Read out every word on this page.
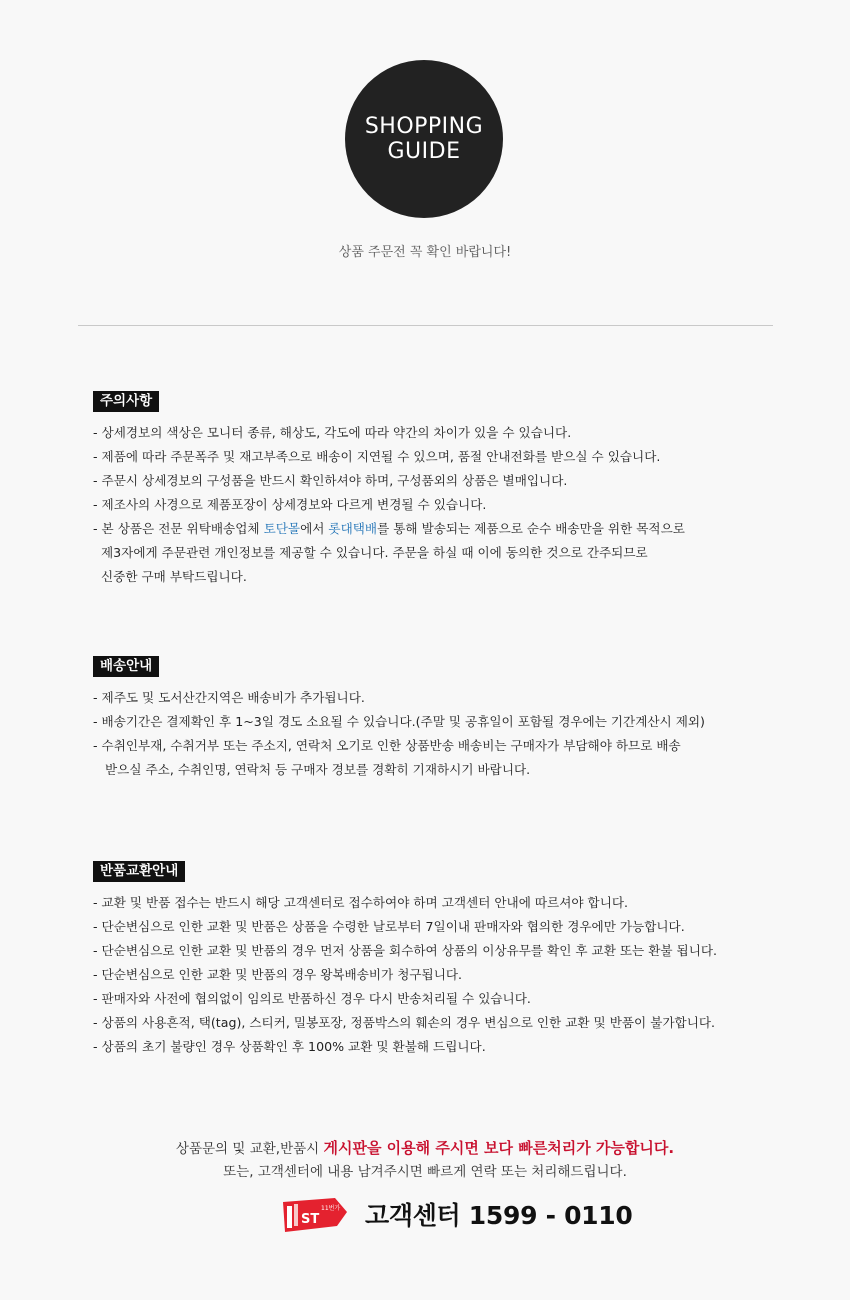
SHOPPING
GUIDE
상품 주문전 꼭 확인 바랍니다!
주의사항
- 상세경보의 색상은 모니터 종류, 해상도, 각도에 따라 약간의 차이가 있을 수 있습니다.
- 제품에 따라 주문폭주 및 재고부족으로 배송이 지연될 수 있으며, 품절 안내전화를 받으실 수 있습니다.
- 주문시 상세경보의 구성품을 반드시 확인하셔야 하며, 구성품외의 상품은 별매입니다.
- 제조사의 사경으로 제품포장이 상세경보와 다르게 변경될 수 있습니다.
- 본 상품은 전문 위탁배송업체 토단몰에서 롯대택배를 통해 발송되는 제품으로 순수 배송만을 위한 목적으로
제3자에게 주문관련 개인정보를 제공할 수 있습니다. 주문을 하실 때 이에 동의한 것으로 간주되므로
신중한 구매 부탁드립니다.
배송안내
- 제주도 및 도서산간지역은 배송비가 추가됩니다.
- 배송기간은 결제확인 후 1~3일 경도 소요될 수 있습니다.(주말 및 공휴일이 포함될 경우에는 기간계산시 제외)
- 수취인부재, 수취거부 또는 주소지, 연락처 오기로 인한 상품반송 배송비는 구매자가 부담해야 하므로 배송
받으실 주소, 수취인명, 연락처 등 구매자 경보를 경확히 기재하시기 바랍니다.
반품교환안내
- 교환 및 반품 접수는 반드시 해당 고객센터로 접수하여야 하며 고객센터 안내에 따르셔야 합니다.
- 단순변심으로 인한 교환 및 반품은 상품을 수령한 날로부터 7일이내 판매자와 협의한 경우에만 가능합니다.
- 단순변심으로 인한 교환 및 반품의 경우 먼저 상품을 회수하여 상품의 이상유무를 확인 후 교환 또는 환불 됩니다.
- 단순변심으로 인한 교환 및 반품의 경우 왕복배송비가 청구됩니다.
- 판매자와 사전에 협의없이 임의로 반품하신 경우 다시 반송처리될 수 있습니다.
- 상품의 사용흔적, 택(tag), 스티커, 밀봉포장, 정품박스의 훼손의 경우 변심으로 인한 교환 및 반품이 불가합니다.
- 상품의 초기 불량인 경우 상품확인 후 100% 교환 및 환불해 드립니다.
상품문의 및 교환,반품시 게시판을 이용해 주시면 보다 빠른처리가 가능합니다.
또는, 고객센터에 내용 남겨주시면 빠르게 연락 또는 처리해드립니다.
ST
11번가 고객센터 1599 - 0110
